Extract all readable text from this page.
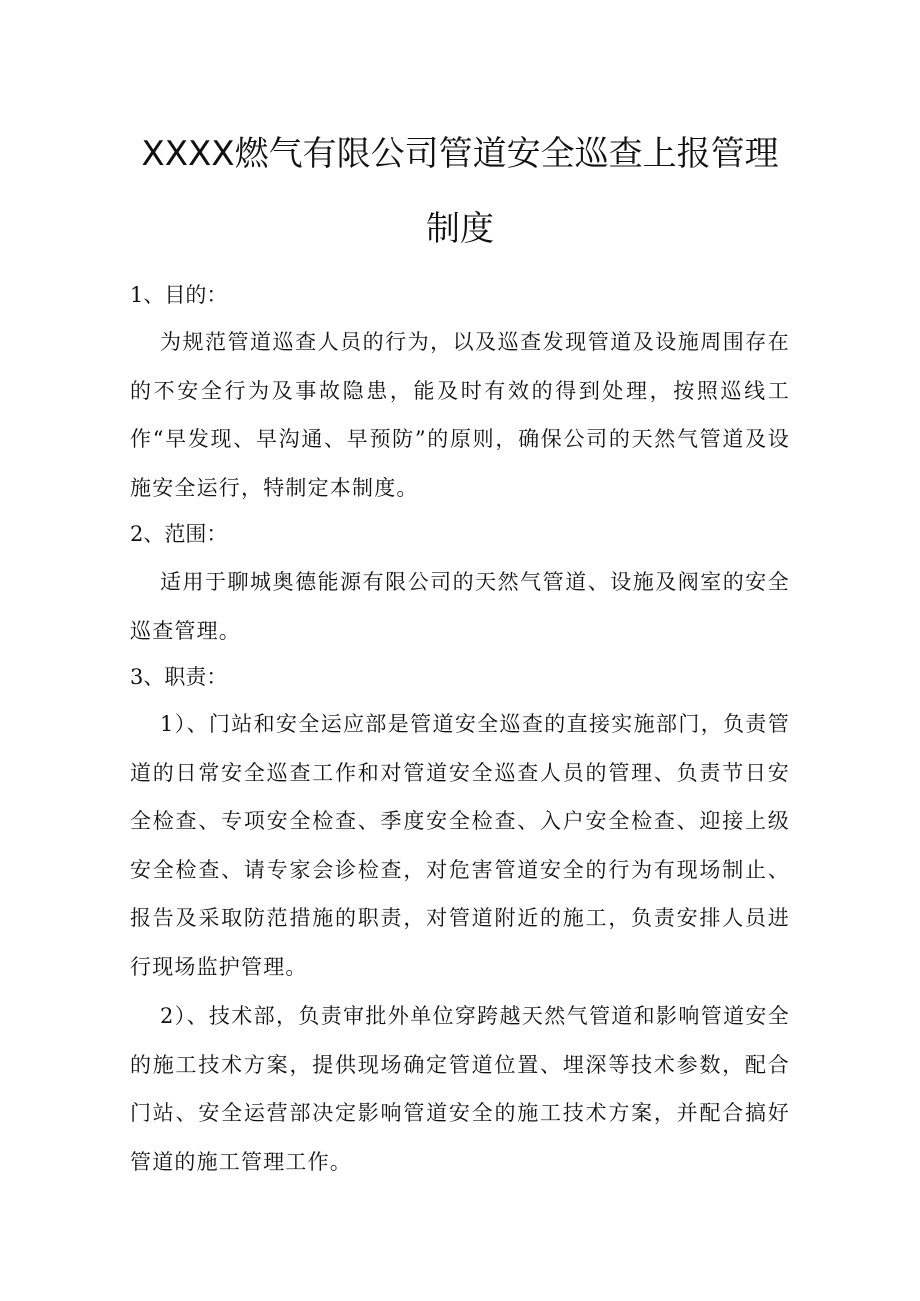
XXXX燃气有限公司管道安全巡查上报管理
制度
1、目的：
为规范管道巡查人员的行为，以及巡查发现管道及设施周围存在的不安全行为及事故隐患，能及时有效的得到处理，按照巡线工作“早发现、早沟通、早预防”的原则，确保公司的天然气管道及设施安全运行，特制定本制度。
2、范围：
适用于聊城奥德能源有限公司的天然气管道、设施及阀室的安全巡查管理。
3、职责：
1）、门站和安全运应部是管道安全巡查的直接实施部门，负责管道的日常安全巡查工作和对管道安全巡查人员的管理、负责节日安全检查、专项安全检查、季度安全检查、入户安全检查、迎接上级安全检查、请专家会诊检查，对危害管道安全的行为有现场制止、报告及采取防范措施的职责，对管道附近的施工，负责安排人员进行现场监护管理。
2）、技术部，负责审批外单位穿跨越天然气管道和影响管道安全的施工技术方案，提供现场确定管道位置、埋深等技术参数，配合门站、安全运营部决定影响管道安全的施工技术方案，并配合搞好管道的施工管理工作。
